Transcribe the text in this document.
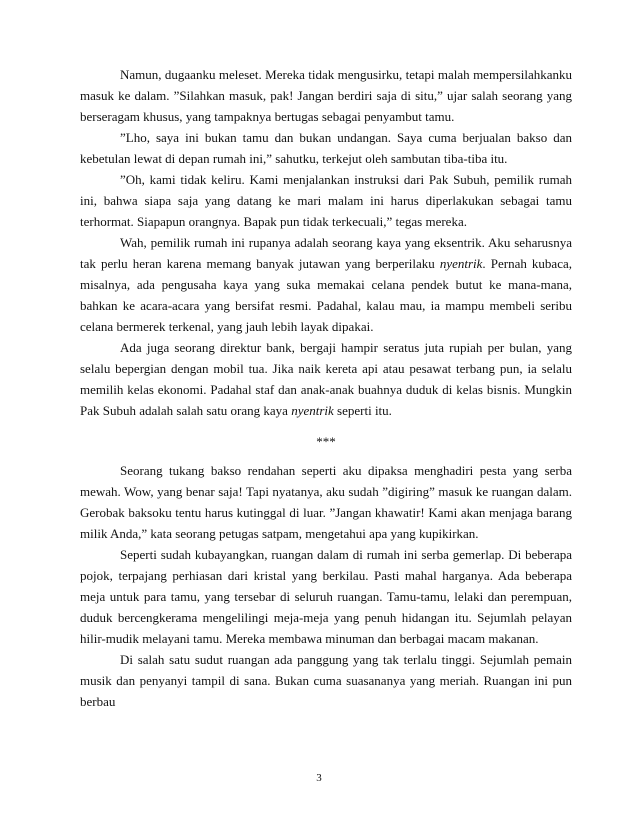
Namun, dugaanku meleset. Mereka tidak mengusirku, tetapi malah mempersilahkanku masuk ke dalam. ”Silahkan masuk, pak! Jangan berdiri saja di situ,” ujar salah seorang yang berseragam khusus, yang tampaknya bertugas sebagai penyambut tamu.

”Lho, saya ini bukan tamu dan bukan undangan. Saya cuma berjualan bakso dan kebetulan lewat di depan rumah ini,” sahutku, terkejut oleh sambutan tiba-tiba itu.

”Oh, kami tidak keliru. Kami menjalankan instruksi dari Pak Subuh, pemilik rumah ini, bahwa siapa saja yang datang ke mari malam ini harus diperlakukan sebagai tamu terhormat. Siapapun orangnya. Bapak pun tidak terkecuali,” tegas mereka.

Wah, pemilik rumah ini rupanya adalah seorang kaya yang eksentrik. Aku seharusnya tak perlu heran karena memang banyak jutawan yang berperilaku nyentrik. Pernah kubaca, misalnya, ada pengusaha kaya yang suka memakai celana pendek butut ke mana-mana, bahkan ke acara-acara yang bersifat resmi. Padahal, kalau mau, ia mampu membeli seribu celana bermerek terkenal, yang jauh lebih layak dipakai.

Ada juga seorang direktur bank, bergaji hampir seratus juta rupiah per bulan, yang selalu bepergian dengan mobil tua. Jika naik kereta api atau pesawat terbang pun, ia selalu memilih kelas ekonomi. Padahal staf dan anak-anak buahnya duduk di kelas bisnis. Mungkin Pak Subuh adalah salah satu orang kaya nyentrik seperti itu.

***

Seorang tukang bakso rendahan seperti aku dipaksa menghadiri pesta yang serba mewah. Wow, yang benar saja! Tapi nyatanya, aku sudah ”digiring” masuk ke ruangan dalam. Gerobak baksoku tentu harus kutinggal di luar. ”Jangan khawatir! Kami akan menjaga barang milik Anda,” kata seorang petugas satpam, mengetahui apa yang kupikirkan.

Seperti sudah kubayangkan, ruangan dalam di rumah ini serba gemerlap. Di beberapa pojok, terpajang perhiasan dari kristal yang berkilau. Pasti mahal harganya. Ada beberapa meja untuk para tamu, yang tersebar di seluruh ruangan. Tamu-tamu, lelaki dan perempuan, duduk bercengkerama mengelilingi meja-meja yang penuh hidangan itu. Sejumlah pelayan hilir-mudik melayani tamu. Mereka membawa minuman dan berbagai macam makanan.

Di salah satu sudut ruangan ada panggung yang tak terlalu tinggi. Sejumlah pemain musik dan penyanyi tampil di sana. Bukan cuma suasananya yang meriah. Ruangan ini pun berbau

3
